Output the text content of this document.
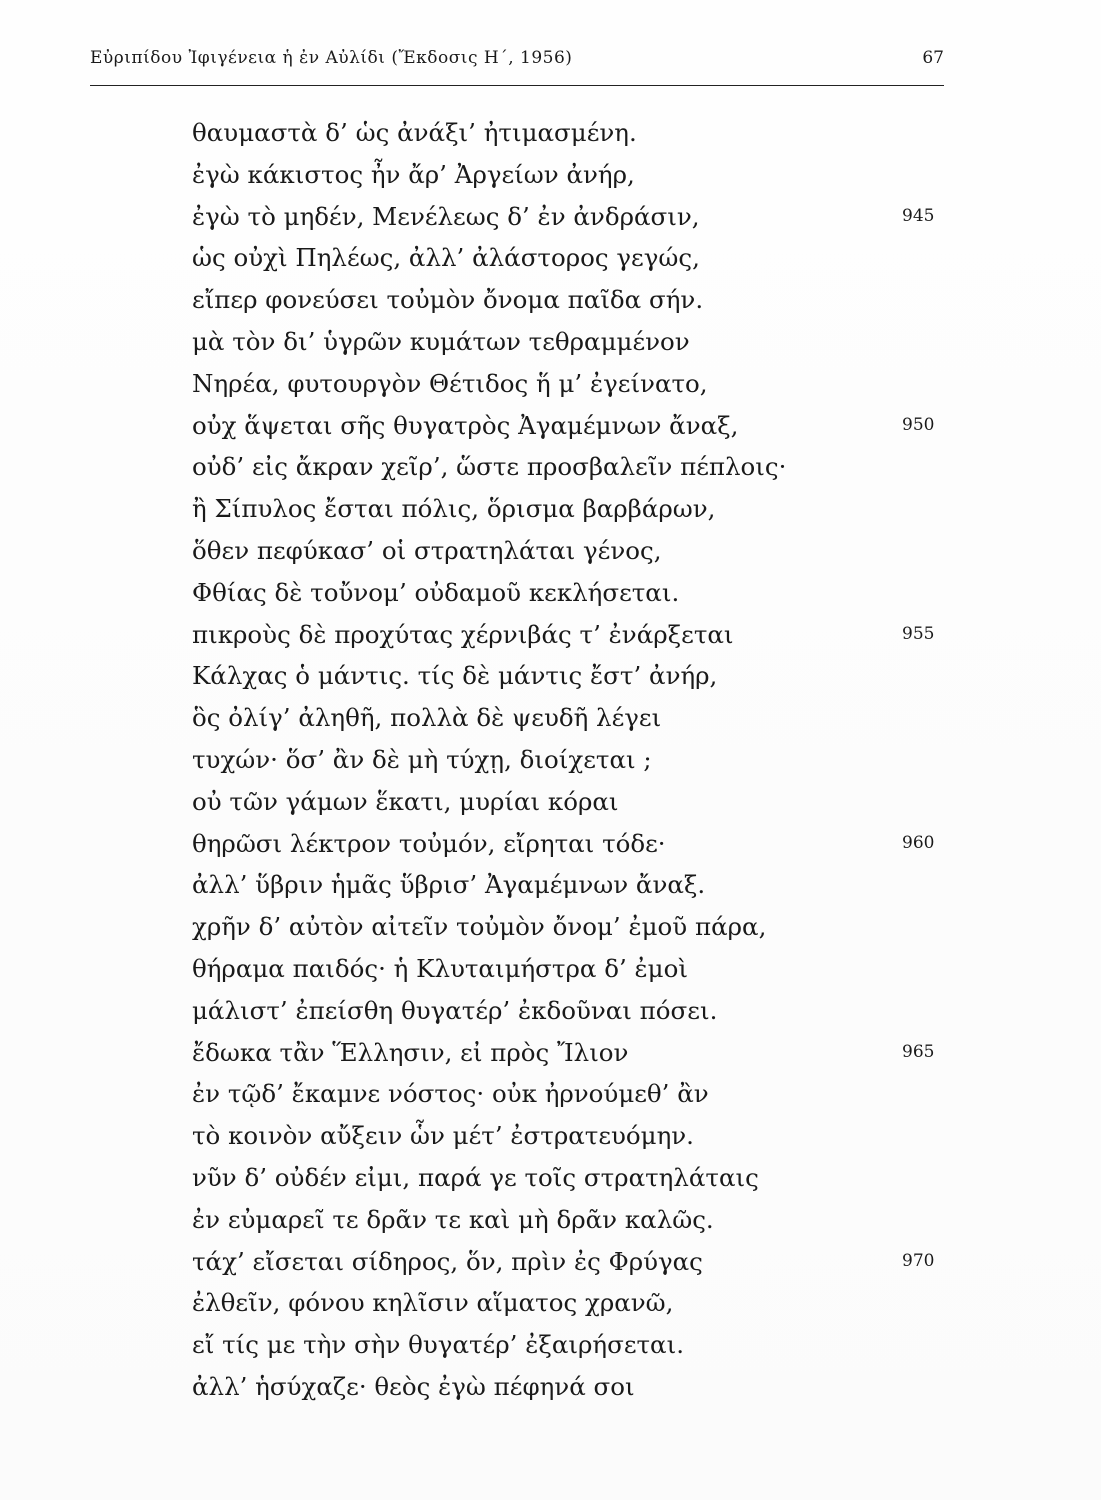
Εὐριπίδου Ἰφιγένεια ἡ ἐν Αὐλίδι (Ἔκδοσις Η΄, 1956)	67
θαυμαστὰ δ’ ὡς ἀνάξι’ ἠτιμασμένη.
ἐγὼ κάκιστος ἦν ἄρ’ Ἀργείων ἀνήρ,
ἐγὼ τὸ μηδέν, Μενέλεως δ’ ἐν ἀνδράσιν,	945
ὡς οὐχὶ Πηλέως, ἀλλ’ ἀλάστορος γεγώς,
εἴπερ φονεύσει τοὐμὸν ὄνομα παῖδα σήν.
μὰ τὸν δι’ ὑγρῶν κυμάτων τεθραμμένον
Νηρέα, φυτουργὸν Θέτιδος ἥ μ’ ἐγείνατο,
οὐχ ἅψεται σῆς θυγατρὸς Ἀγαμέμνων ἄναξ,	950
οὐδ’ εἰς ἄκραν χεῖρ’, ὥστε προσβαλεῖν πέπλοις·
ἢ Σίπυλος ἔσται πόλις, ὅρισμα βαρβάρων,
ὅθεν πεφύκασ’ οἱ στρατηλάται γένος,
Φθίας δὲ τοὔνομ’ οὐδαμοῦ κεκλήσεται.
πικροὺς δὲ προχύτας χέρνιβάς τ’ ἐνάρξεται	955
Κάλχας ὁ μάντις. τίς δὲ μάντις ἔστ’ ἀνήρ,
ὃς ὀλίγ’ ἀληθῆ, πολλὰ δὲ ψευδῆ λέγει
τυχών· ὅσ’ ἂν δὲ μὴ τύχῃ, διοίχεται ;
οὐ τῶν γάμων ἕκατι, μυρίαι κόραι
θηρῶσι λέκτρον τοὐμόν, εἴρηται τόδε·	960
ἀλλ’ ὕβριν ἡμᾶς ὕβρισ’ Ἀγαμέμνων ἄναξ.
χρῆν δ’ αὐτὸν αἰτεῖν τοὐμὸν ὄνομ’ ἐμοῦ πάρα,
θήραμα παιδός· ἡ Κλυταιμήστρα δ’ ἐμοὶ
μάλιστ’ ἐπείσθη θυγατέρ’ ἐκδοῦναι πόσει.
ἔδωκα τἂν Ἕλλησιν, εἰ πρὸς Ἴλιον	965
ἐν τῷδ’ ἔκαμνε νόστος· οὐκ ἠρνούμεθ’ ἂν
τὸ κοινὸν αὔξειν ὧν μέτ’ ἐστρατευόμην.
νῦν δ’ οὐδέν εἰμι, παρά γε τοῖς στρατηλάταις
ἐν εὐμαρεῖ τε δρᾶν τε καὶ μὴ δρᾶν καλῶς.
τάχ’ εἴσεται σίδηρος, ὅν, πρὶν ἐς Φρύγας	970
ἐλθεῖν, φόνου κηλῖσιν αἵματος χρανῶ,
εἴ τίς με τὴν σὴν θυγατέρ’ ἐξαιρήσεται.
ἀλλ’ ἡσύχαζε· θεὸς ἐγὼ πέφηνά σοι
